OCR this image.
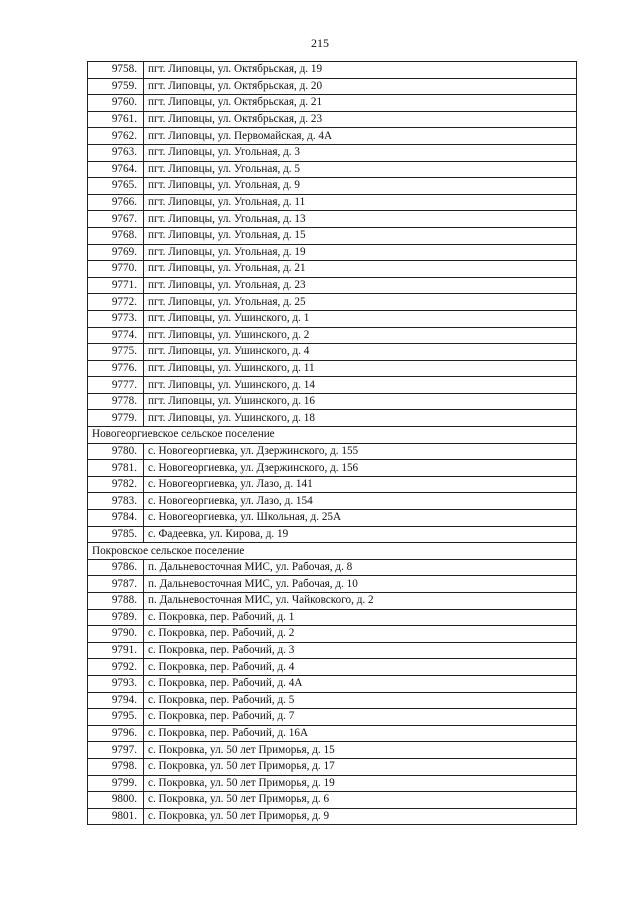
215
9758.	пгт. Липовцы, ул. Октябрьская, д. 19
9759.	пгт. Липовцы, ул. Октябрьская, д. 20
9760.	пгт. Липовцы, ул. Октябрьская, д. 21
9761.	пгт. Липовцы, ул. Октябрьская, д. 23
9762.	пгт. Липовцы, ул. Первомайская, д. 4А
9763.	пгт. Липовцы, ул. Угольная, д. 3
9764.	пгт. Липовцы, ул. Угольная, д. 5
9765.	пгт. Липовцы, ул. Угольная, д. 9
9766.	пгт. Липовцы, ул. Угольная, д. 11
9767.	пгт. Липовцы, ул. Угольная, д. 13
9768.	пгт. Липовцы, ул. Угольная, д. 15
9769.	пгт. Липовцы, ул. Угольная, д. 19
9770.	пгт. Липовцы, ул. Угольная, д. 21
9771.	пгт. Липовцы, ул. Угольная, д. 23
9772.	пгт. Липовцы, ул. Угольная, д. 25
9773.	пгт. Липовцы, ул. Ушинского, д. 1
9774.	пгт. Липовцы, ул. Ушинского, д. 2
9775.	пгт. Липовцы, ул. Ушинского, д. 4
9776.	пгт. Липовцы, ул. Ушинского, д. 11
9777.	пгт. Липовцы, ул. Ушинского, д. 14
9778.	пгт. Липовцы, ул. Ушинского, д. 16
9779.	пгт. Липовцы, ул. Ушинского, д. 18
Новогеоргиевское сельское поселение	
9780.	с. Новогеоргиевка, ул. Дзержинского, д. 155
9781.	с. Новогеоргиевка, ул. Дзержинского, д. 156
9782.	с. Новогеоргиевка, ул. Лазо, д. 141
9783.	с. Новогеоргиевка, ул. Лазо, д. 154
9784.	с. Новогеоргиевка, ул. Школьная, д. 25А
9785.	с. Фадеевка, ул. Кирова, д. 19
Покровское сельское поселение	
9786.	п. Дальневосточная МИС, ул. Рабочая, д. 8
9787.	п. Дальневосточная МИС, ул. Рабочая, д. 10
9788.	п. Дальневосточная МИС, ул. Чайковского, д. 2
9789.	с. Покровка, пер. Рабочий, д. 1
9790.	с. Покровка, пер. Рабочий, д. 2
9791.	с. Покровка, пер. Рабочий, д. 3
9792.	с. Покровка, пер. Рабочий, д. 4
9793.	с. Покровка, пер. Рабочий, д. 4А
9794.	с. Покровка, пер. Рабочий, д. 5
9795.	с. Покровка, пер. Рабочий, д. 7
9796.	с. Покровка, пер. Рабочий, д. 16А
9797.	с. Покровка, ул. 50 лет Приморья, д. 15
9798.	с. Покровка, ул. 50 лет Приморья, д. 17
9799.	с. Покровка, ул. 50 лет Приморья, д. 19
9800.	с. Покровка, ул. 50 лет Приморья, д. 6
9801.	с. Покровка, ул. 50 лет Приморья, д. 9
